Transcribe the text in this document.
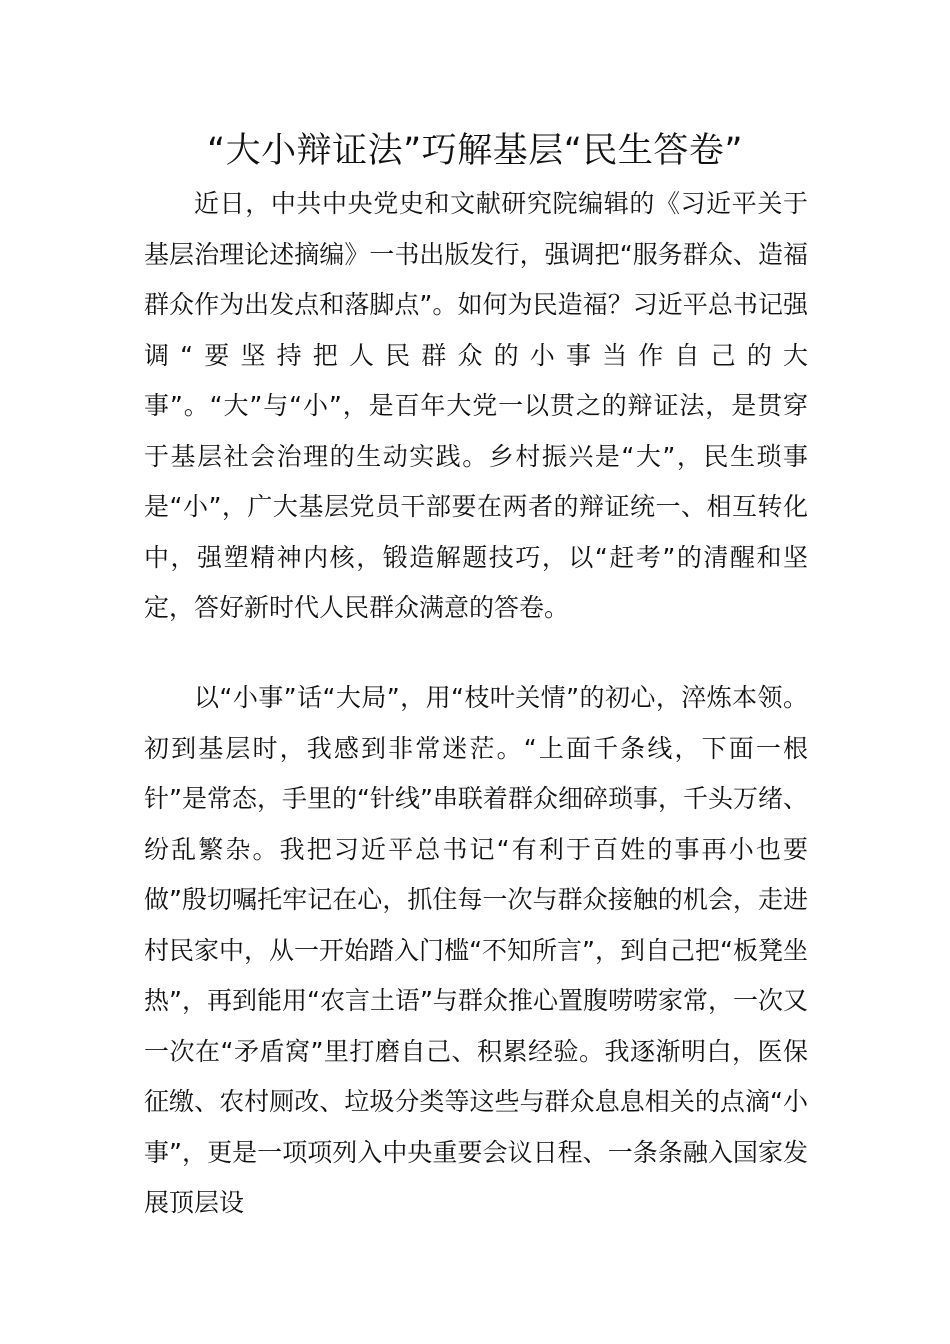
“大小辩证法”巧解基层“民生答卷”

近日，中共中央党史和文献研究院编辑的《习近平关于基层治理论述摘编》一书出版发行，强调把“服务群众、造福群众作为出发点和落脚点”。如何为民造福？习近平总书记强调“要坚持把人民群众的小事当作自己的大事”。“大”与“小”，是百年大党一以贯之的辩证法，是贯穿于基层社会治理的生动实践。乡村振兴是“大”，民生琐事是“小”，广大基层党员干部要在两者的辩证统一、相互转化中，强塑精神内核，锻造解题技巧，以“赶考”的清醒和坚定，答好新时代人民群众满意的答卷。

以“小事”话“大局”，用“枝叶关情”的初心，淬炼本领。初到基层时，我感到非常迷茫。“上面千条线，下面一根针”是常态，手里的“针线”串联着群众细碎琐事，千头万绪、纷乱繁杂。我把习近平总书记“有利于百姓的事再小也要做”殷切嘱托牢记在心，抓住每一次与群众接触的机会，走进村民家中，从一开始踏入门槛“不知所言”，到自己把“板凳坐热”，再到能用“农言土语”与群众推心置腹唠唠家常，一次又一次在“矛盾窝”里打磨自己、积累经验。我逐渐明白，医保征缴、农村厕改、垃圾分类等这些与群众息息相关的点滴“小事”，更是一项项列入中央重要会议日程、一条条融入国家发展顶层设
